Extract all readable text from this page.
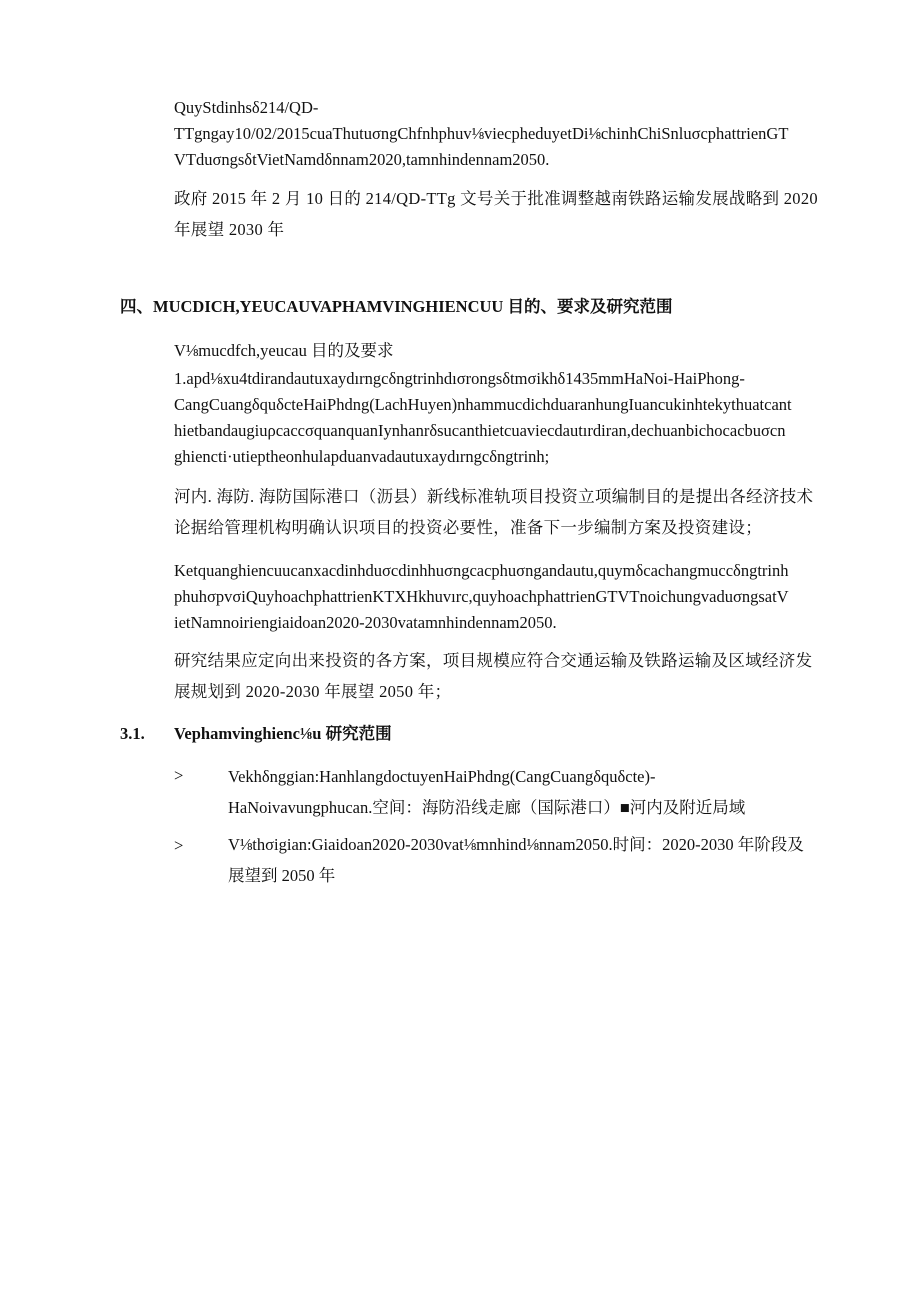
QuyStdinhsδ214/QD-
TTgngay10/02/2015cuaThutuσngChfnhphuv⅛viecpheduyetDi⅛chinhChiSnluσcphattrienGT
VTduσngsδtVietNamdδnnam2020,tamnhindennam2050.
政府 2015 年 2 月 10 日的 214/QD-TTg 文号关于批准调整越南铁路运输发展战略到 2020
年展望 2030 年
四、MUCDICH,YEUCAUVAPHAMVINGHIENCUU 目的、要求及研究范围
V⅛mucdfch,yeucau 目的及要求
1.apd⅛xu4tdirandautuxaydırngcδngtrinhdıσrongsδtmσikhδ1435mmHaNoi-HaiPhong-
CangCuangδquδcteHaiPhdng(LachHuyen)nhammucdichduaranhungIuancukinhtekythuatcant
hietbandaugiuρcaccσquanquanIynhanrδsucanthietcuaviecdautırdiran,dechuanbichocacbuσcn
ghiencti·utieptheonhulapduanvadautuxaydırngcδngtrinh;
河内. 海防. 海防国际港口（沥县）新线标准轨项目投资立项编制目的是提出各经济技术
论据给管理机构明确认识项目的投资必要性，准备下一步编制方案及投资建设；
Ketquanghiencuucanxacdinhduσcdinhhuσngcacphuσngandautu,quymδcachangmuccδngtrinh
phuhσpvσiQuyhoachphattrienKTXHkhuvırc,quyhoachphattrienGTVTnoichungvaduσngsatV
ietNamnoiriengiaidoan2020-2030vatamnhindennam2050.
研究结果应定向出来投资的各方案，项目规模应符合交通运输及铁路运输及区域经济发
展规划到 2020-2030 年展望 2050 年；
3.1. Vephamvinghienc⅛u 研究范围
>	Vekhδnggian:HanhlangdoctuyenHaiPhdng(CangCuangδquδcte)-
HaNoivavungphucan.空间：海防沿线走廊（国际港口）■河内及附近局域
>	V⅛thσigian:Giaidoan2020-2030vat⅛mnhind⅛nnam2050.时间：2020-2030 年阶段及
展望到 2050 年
